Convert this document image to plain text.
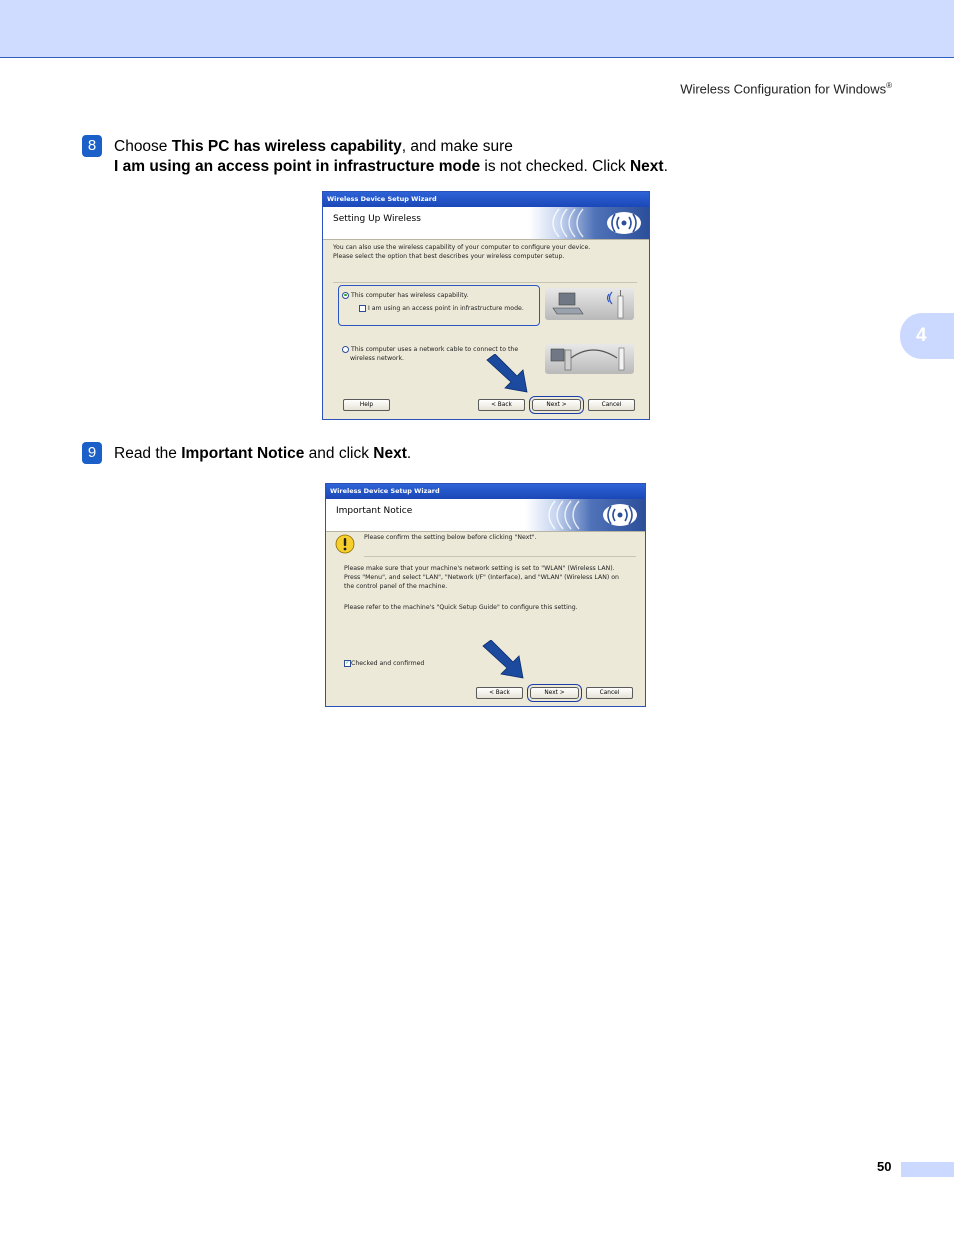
Wireless Configuration for Windows®
4
8	Choose This PC has wireless capability, and make sure
I am using an access point in infrastructure mode is not checked. Click Next.
Wireless Device Setup Wizard
Setting Up Wireless
You can also use the wireless capability of your computer to configure your device.
Please select the option that best describes your wireless computer setup.
This computer has wireless capability.
I am using an access point in infrastructure mode.
This computer uses a network cable to connect to the
wireless network.
Help	< Back	Next >	Cancel
9	Read the Important Notice and click Next.
Wireless Device Setup Wizard
Important Notice
Please confirm the setting below before clicking "Next".
Please make sure that your machine's network setting is set to "WLAN" (Wireless LAN).
Press "Menu", and select "LAN", "Network I/F" (Interface), and "WLAN" (Wireless LAN) on
the control panel of the machine.
Please refer to the machine's "Quick Setup Guide" to configure this setting.
✓Checked and confirmed
< Back	Next >	Cancel
50
